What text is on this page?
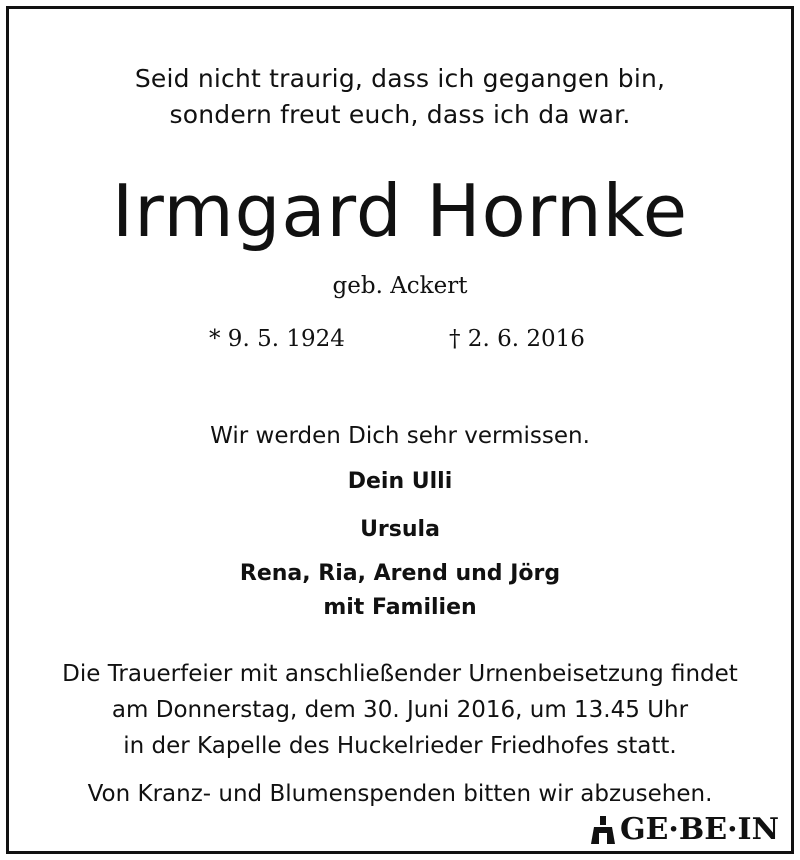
Seid nicht traurig, dass ich gegangen bin,
sondern freut euch, dass ich da war.
Irmgard Hornke
geb. Ackert
* 9. 5. 1924	† 2. 6. 2016
Wir werden Dich sehr vermissen.
Dein Ulli
Ursula
Rena, Ria, Arend und Jörg
mit Familien
Die Trauerfeier mit anschließender Urnenbeisetzung findet
am Donnerstag, dem 30. Juni 2016, um 13.45 Uhr
in der Kapelle des Huckelrieder Friedhofes statt.
Von Kranz- und Blumenspenden bitten wir abzusehen.
GE·BE·IN
